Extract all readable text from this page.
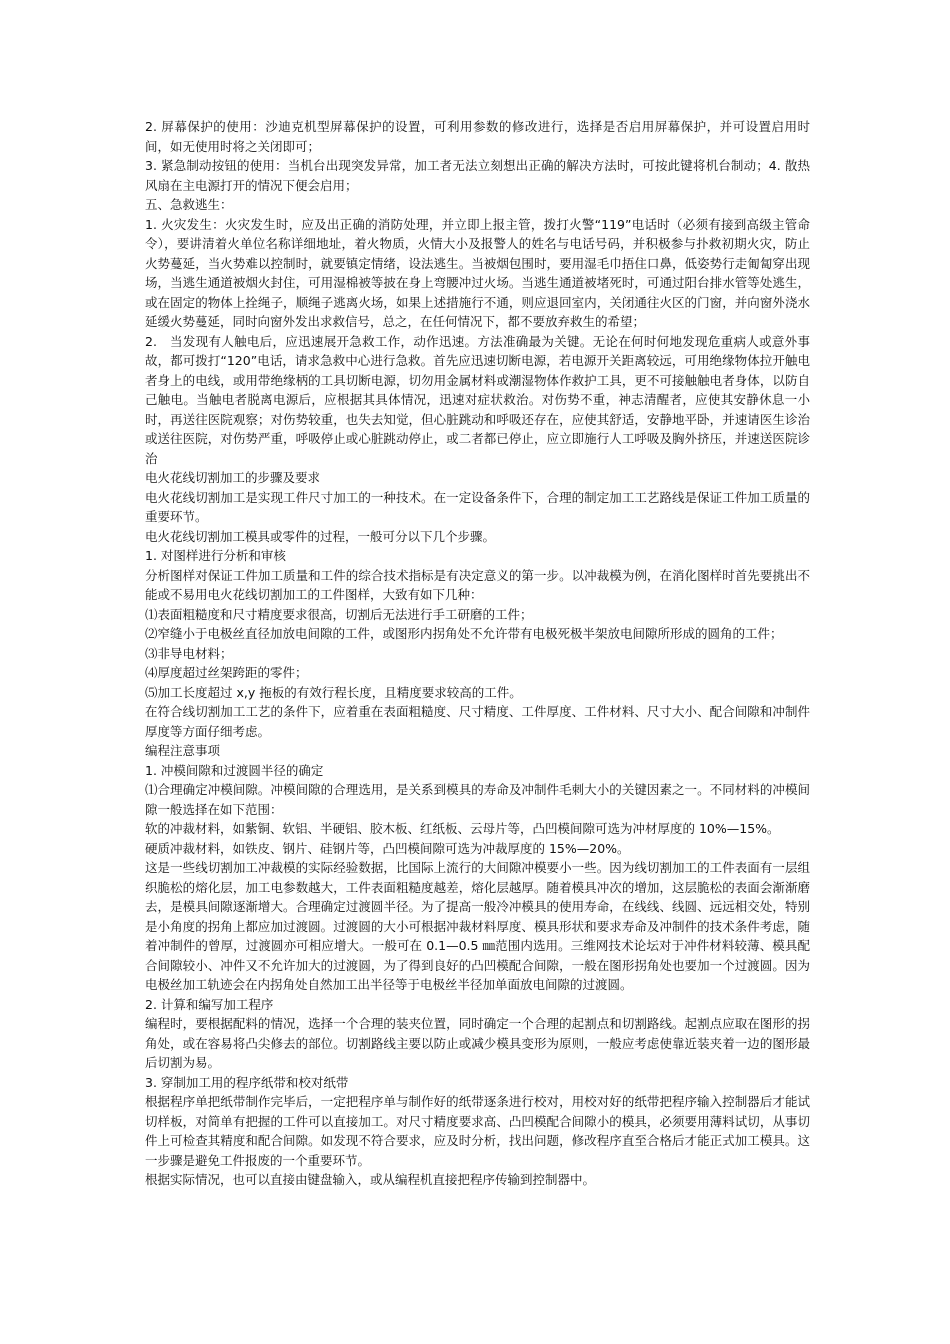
2. 屏幕保护的使用：沙迪克机型屏幕保护的设置，可利用参数的修改进行，选择是否启用屏幕保护，并可设置启用时间，如无使用时将之关闭即可；

3. 紧急制动按钮的使用：当机台出现突发异常，加工者无法立刻想出正确的解决方法时，可按此键将机台制动；4. 散热风扇在主电源打开的情况下便会启用；

五、急救逃生：

1. 火灾发生：火灾发生时，应及出正确的消防处理，并立即上报主管，拨打火警“119”电话时（必须有接到高级主管命令），要讲清着火单位名称详细地址，着火物质，火情大小及报警人的姓名与电话号码，并积极参与扑救初期火灾，防止火势蔓延，当火势难以控制时，就要镇定情绪，设法逃生。当被烟包围时，要用湿毛巾捂住口鼻，低姿势行走匍匐穿出现场，当逃生通道被烟火封住，可用湿棉被等披在身上弯腰冲过火场。当逃生通道被堵死时，可通过阳台排水管等处逃生，或在固定的物体上拴绳子，顺绳子逃离火场，如果上述措施行不通，则应退回室内，关闭通往火区的门窗，并向窗外浇水延缓火势蔓延，同时向窗外发出求救信号，总之，在任何情况下，都不要放弃救生的希望；

2.　当发现有人触电后，应迅速展开急救工作，动作迅速。方法准确最为关键。无论在何时何地发现危重病人或意外事故，都可拨打“120”电话，请求急救中心进行急救。首先应迅速切断电源，若电源开关距离较远，可用绝缘物体拉开触电者身上的电线，或用带绝缘柄的工具切断电源，切勿用金属材料或潮湿物体作救护工具，更不可接触触电者身体，以防自己触电。当触电者脱离电源后，应根据其具体情况，迅速对症状救治。对伤势不重，神志清醒者，应使其安静休息一小时，再送往医院观察；对伤势较重，也失去知觉，但心脏跳动和呼吸还存在，应使其舒适，安静地平卧，并速请医生诊治或送往医院，对伤势严重，呼吸停止或心脏跳动停止，或二者都已停止，应立即施行人工呼吸及胸外挤压，并速送医院诊治

电火花线切割加工的步骤及要求

电火花线切割加工是实现工件尺寸加工的一种技术。在一定设备条件下，合理的制定加工工艺路线是保证工件加工质量的重要环节。

电火花线切割加工模具或零件的过程，一般可分以下几个步骤。

1. 对图样进行分析和审核

分析图样对保证工件加工质量和工件的综合技术指标是有决定意义的第一步。以冲裁模为例，在消化图样时首先要挑出不能或不易用电火花线切割加工的工件图样，大致有如下几种：

⑴表面粗糙度和尺寸精度要求很高，切割后无法进行手工研磨的工件；

⑵窄缝小于电极丝直径加放电间隙的工件，或图形内拐角处不允许带有电极死极半架放电间隙所形成的圆角的工件；

⑶非导电材料；

⑷厚度超过丝架跨距的零件；

⑸加工长度超过 x,y 拖板的有效行程长度，且精度要求较高的工件。

在符合线切割加工工艺的条件下，应着重在表面粗糙度、尺寸精度、工件厚度、工件材料、尺寸大小、配合间隙和冲制件厚度等方面仔细考虑。

编程注意事项

1. 冲模间隙和过渡圆半径的确定

⑴合理确定冲模间隙。冲模间隙的合理选用，是关系到模具的寿命及冲制件毛刺大小的关键因素之一。不同材料的冲模间隙一般选择在如下范围：

软的冲裁材料，如紫铜、软铝、半硬铝、胶木板、红纸板、云母片等，凸凹模间隙可选为冲材厚度的 10%—15%。

硬质冲裁材料，如铁皮、钢片、硅钢片等，凸凹模间隙可选为冲裁厚度的 15%—20%。

这是一些线切割加工冲裁模的实际经验数据，比国际上流行的大间隙冲模要小一些。因为线切割加工的工件表面有一层组织脆松的熔化层，加工电参数越大，工件表面粗糙度越差，熔化层越厚。随着模具冲次的增加，这层脆松的表面会渐渐磨去，是模具间隙逐渐增大。合理确定过渡圆半径。为了提高一般冷冲模具的使用寿命，在线线、线圆、远远相交处，特别是小角度的拐角上都应加过渡圆。过渡圆的大小可根据冲裁材料厚度、模具形状和要求寿命及冲制件的技术条件考虑，随着冲制件的曾厚，过渡圆亦可相应增大。一般可在 0.1—0.5 ㎜范围内选用。三维网技术论坛对于冲件材料较薄、模具配合间隙较小、冲件又不允许加大的过渡圆，为了得到良好的凸凹模配合间隙，一般在图形拐角处也要加一个过渡圆。因为电极丝加工轨迹会在内拐角处自然加工出半径等于电极丝半径加单面放电间隙的过渡圆。

2. 计算和编写加工程序

编程时，要根据配料的情况，选择一个合理的装夹位置，同时确定一个合理的起割点和切割路线。起割点应取在图形的拐角处，或在容易将凸尖修去的部位。切割路线主要以防止或减少模具变形为原则，一般应考虑使靠近装夹着一边的图形最后切割为易。

3. 穿制加工用的程序纸带和校对纸带

根据程序单把纸带制作完毕后，一定把程序单与制作好的纸带逐条进行校对，用校对好的纸带把程序输入控制器后才能试切样板，对简单有把握的工件可以直接加工。对尺寸精度要求高、凸凹模配合间隙小的模具，必须要用薄料试切，从事切件上可检查其精度和配合间隙。如发现不符合要求，应及时分析，找出问题，修改程序直至合格后才能正式加工模具。这一步骤是避免工件报废的一个重要环节。

根据实际情况，也可以直接由键盘输入，或从编程机直接把程序传输到控制器中。
